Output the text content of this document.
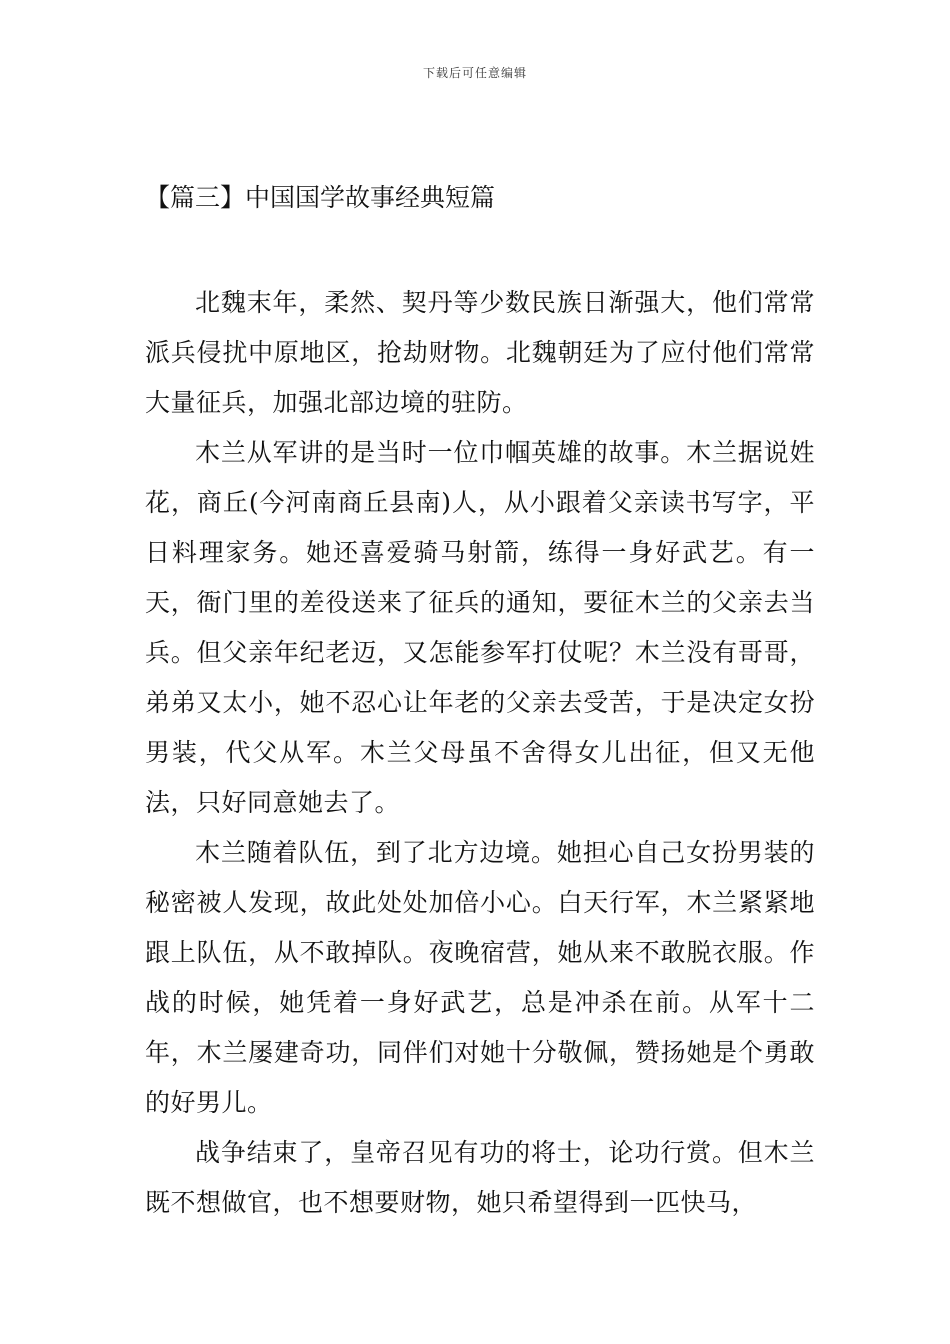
下载后可任意编辑
【篇三】中国国学故事经典短篇

北魏末年，柔然、契丹等少数民族日渐强大，他们常常派兵侵扰中原地区，抢劫财物。北魏朝廷为了应付他们常常大量征兵，加强北部边境的驻防。

木兰从军讲的是当时一位巾帼英雄的故事。木兰据说姓花，商丘(今河南商丘县南)人，从小跟着父亲读书写字，平日料理家务。她还喜爱骑马射箭，练得一身好武艺。有一天，衙门里的差役送来了征兵的通知，要征木兰的父亲去当兵。但父亲年纪老迈，又怎能参军打仗呢？木兰没有哥哥，弟弟又太小，她不忍心让年老的父亲去受苦，于是决定女扮男装，代父从军。木兰父母虽不舍得女儿出征，但又无他法，只好同意她去了。

木兰随着队伍，到了北方边境。她担心自己女扮男装的秘密被人发现，故此处处加倍小心。白天行军，木兰紧紧地跟上队伍，从不敢掉队。夜晚宿营，她从来不敢脱衣服。作战的时候，她凭着一身好武艺，总是冲杀在前。从军十二年，木兰屡建奇功，同伴们对她十分敬佩，赞扬她是个勇敢的好男儿。

战争结束了，皇帝召见有功的将士，论功行赏。但木兰既不想做官，也不想要财物，她只希望得到一匹快马，
